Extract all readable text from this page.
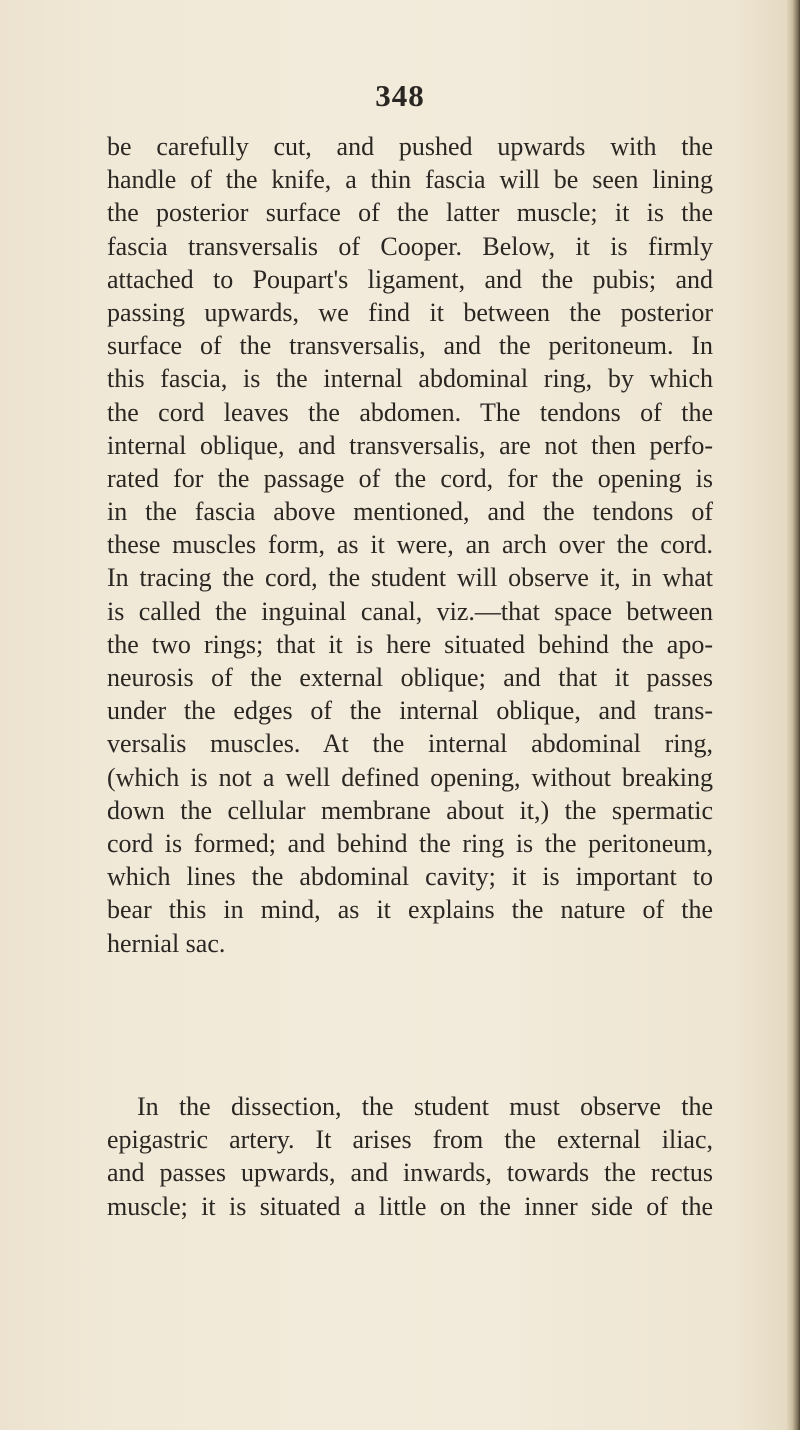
348

be carefully cut, and pushed upwards with the
handle of the knife, a thin fascia will be seen lining
the posterior surface of the latter muscle; it is the
fascia transversalis of Cooper. Below, it is firmly
attached to Poupart's ligament, and the pubis; and
passing upwards, we find it between the posterior
surface of the transversalis, and the peritoneum. In
this fascia, is the internal abdominal ring, by which
the cord leaves the abdomen. The tendons of the
internal oblique, and transversalis, are not then perfo-
rated for the passage of the cord, for the opening is
in the fascia above mentioned, and the tendons of
these muscles form, as it were, an arch over the cord.
In tracing the cord, the student will observe it, in what
is called the inguinal canal, viz.—that space between
the two rings; that it is here situated behind the apo-
neurosis of the external oblique; and that it passes
under the edges of the internal oblique, and trans-
versalis muscles. At the internal abdominal ring,
(which is not a well defined opening, without breaking
down the cellular membrane about it,) the spermatic
cord is formed; and behind the ring is the peritoneum,
which lines the abdominal cavity; it is important to
bear this in mind, as it explains the nature of the
hernial sac.
In the dissection, the student must observe the
epigastric artery. It arises from the external iliac,
and passes upwards, and inwards, towards the rectus
muscle; it is situated a little on the inner side of the
